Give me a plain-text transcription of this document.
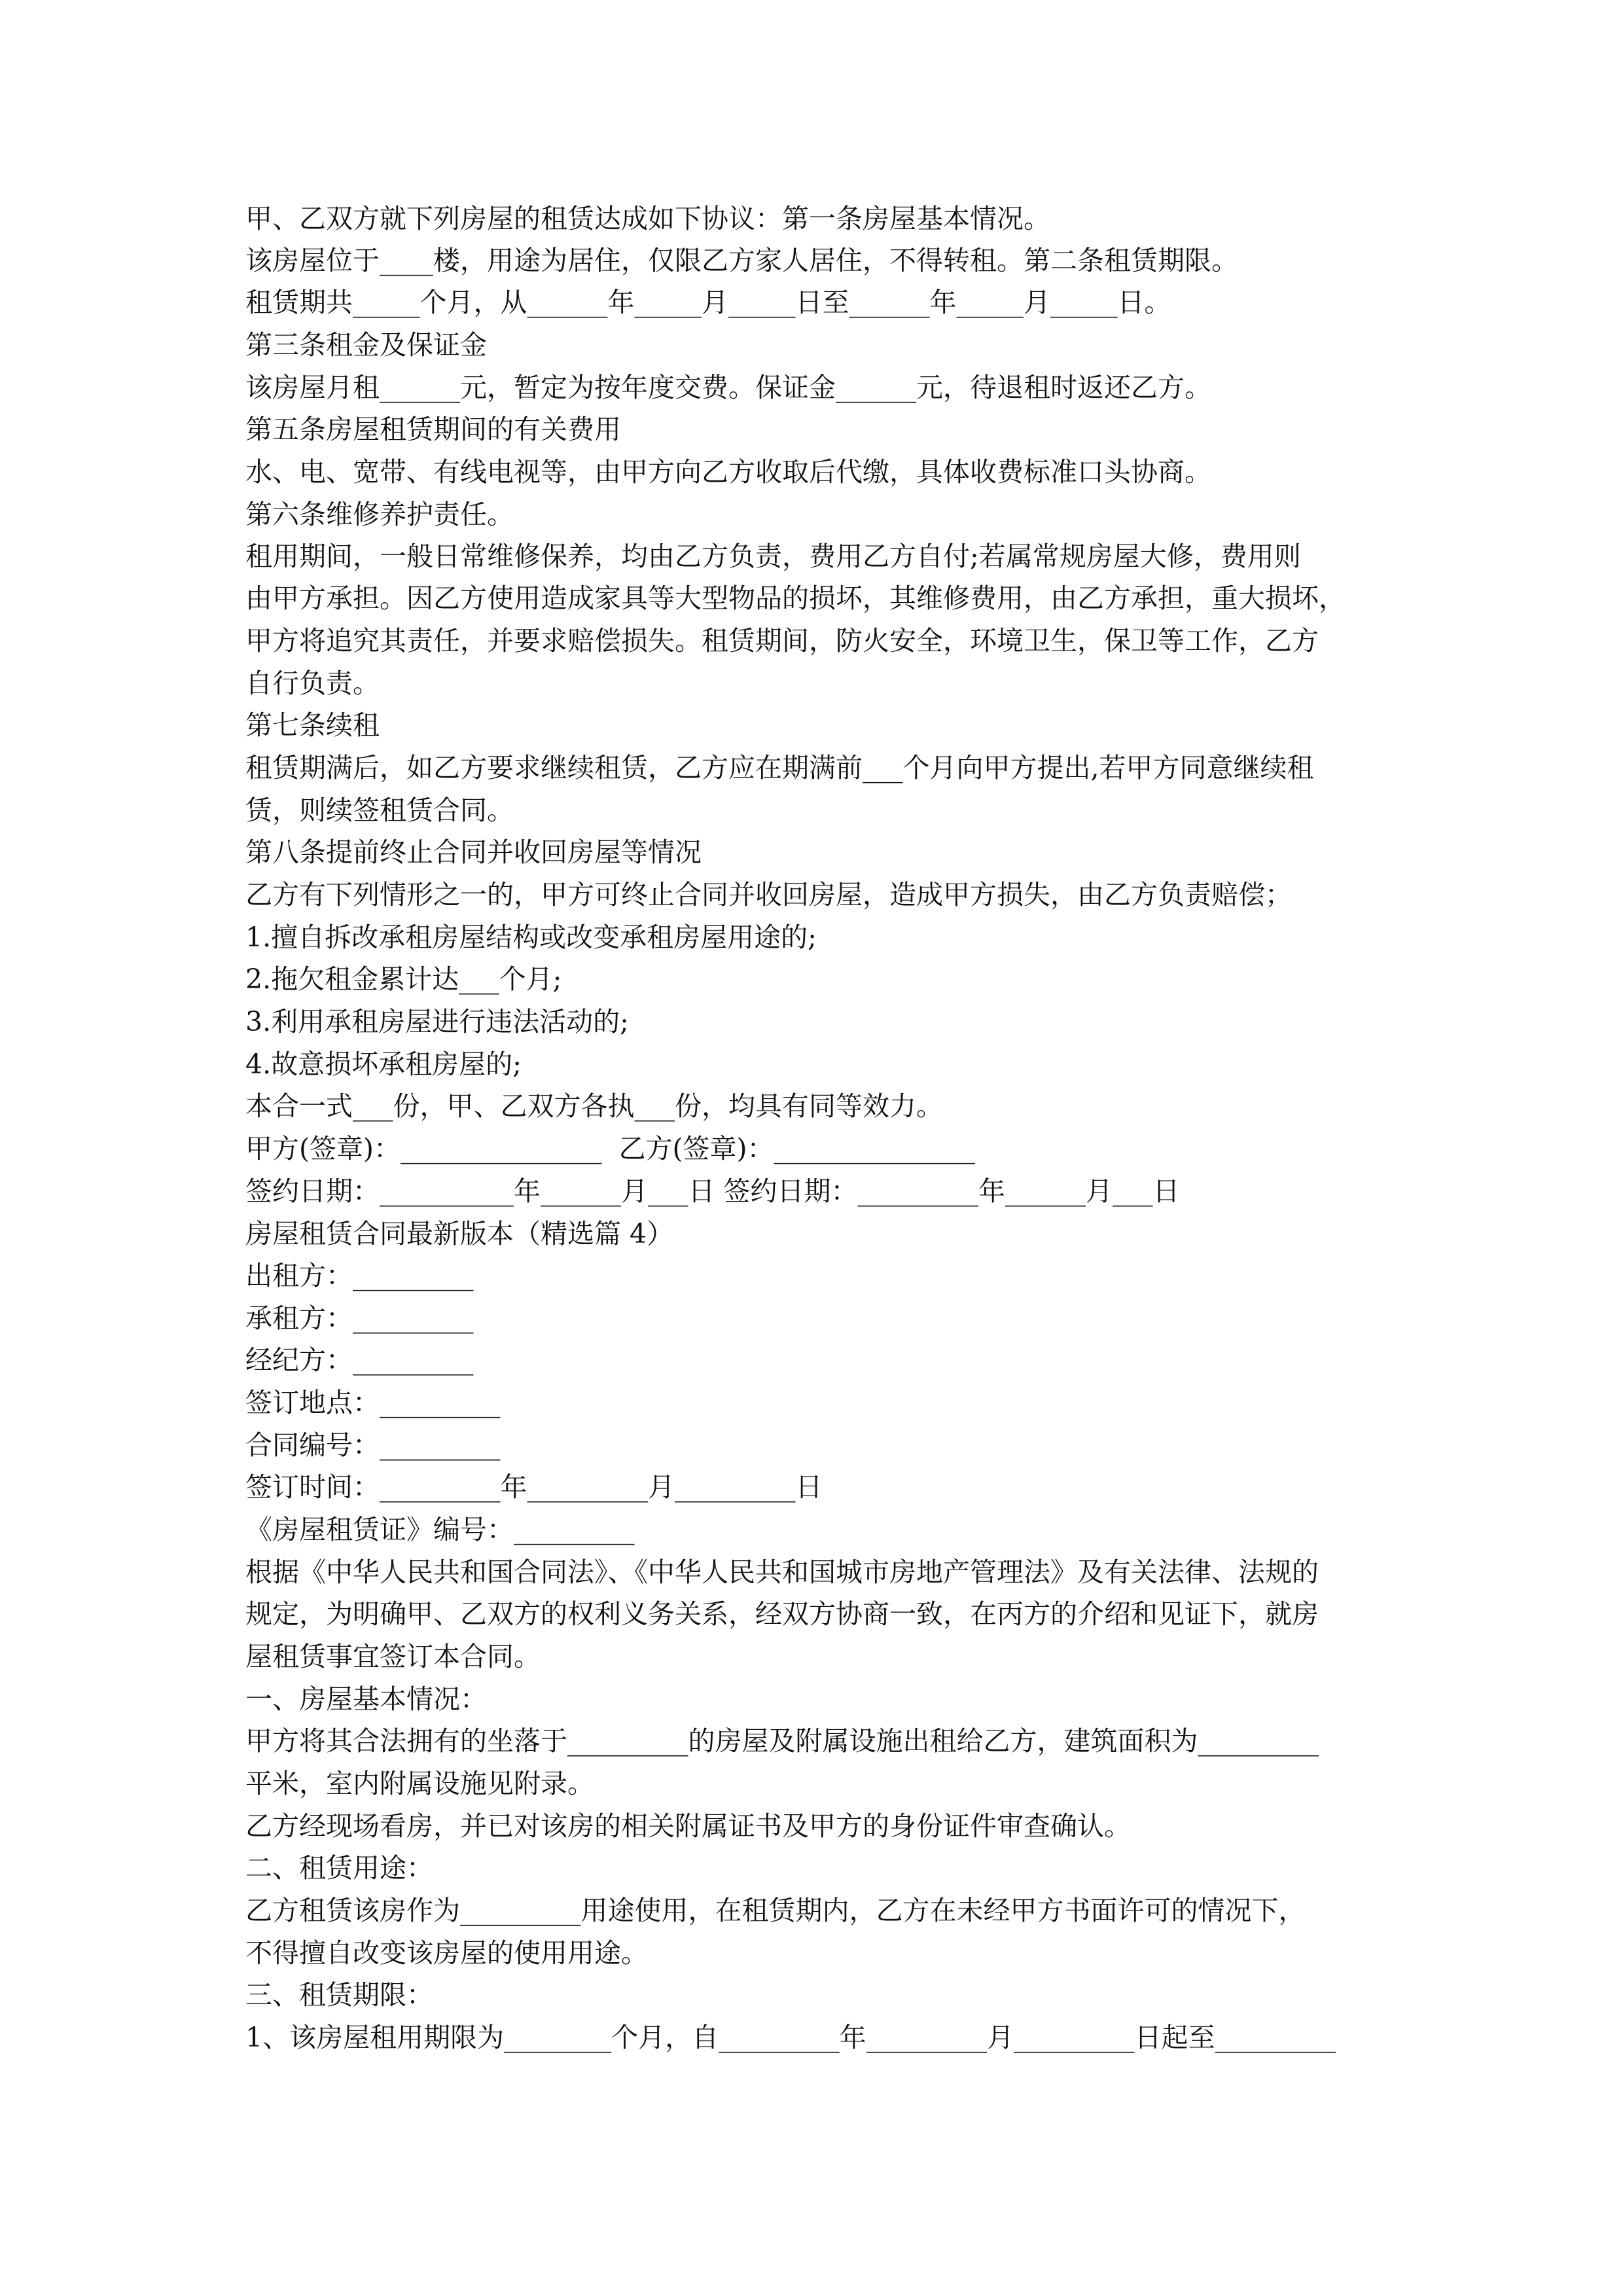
甲、乙双方就下列房屋的租赁达成如下协议：第一条房屋基本情况。
该房屋位于____楼，用途为居住，仅限乙方家人居住，不得转租。第二条租赁期限。
租赁期共_____个月，从______年_____月_____日至______年_____月_____日。
第三条租金及保证金
该房屋月租______元，暂定为按年度交费。保证金______元，待退租时返还乙方。
第五条房屋租赁期间的有关费用
水、电、宽带、有线电视等，由甲方向乙方收取后代缴，具体收费标准口头协商。
第六条维修养护责任。
租用期间，一般日常维修保养，均由乙方负责，费用乙方自付;若属常规房屋大修，费用则
由甲方承担。因乙方使用造成家具等大型物品的损坏，其维修费用，由乙方承担，重大损坏，
甲方将追究其责任，并要求赔偿损失。租赁期间，防火安全，环境卫生，保卫等工作，乙方
自行负责。
第七条续租
租赁期满后，如乙方要求继续租赁，乙方应在期满前___个月向甲方提出,若甲方同意继续租
赁，则续签租赁合同。
第八条提前终止合同并收回房屋等情况
乙方有下列情形之一的，甲方可终止合同并收回房屋，造成甲方损失，由乙方负责赔偿；
1.擅自拆改承租房屋结构或改变承租房屋用途的;
2.拖欠租金累计达___个月;
3.利用承租房屋进行违法活动的;
4.故意损坏承租房屋的;
本合一式___份，甲、乙双方各执___份，均具有同等效力。
甲方(签章)：_______________  乙方(签章)：_______________
签约日期：__________年______月___日 签约日期：_________年______月___日
房屋租赁合同最新版本（精选篇 4）
出租方：_________
承租方：_________
经纪方：_________
签订地点：_________
合同编号：_________
签订时间：_________年_________月_________日
《房屋租赁证》编号：_________
根据《中华人民共和国合同法》、《中华人民共和国城市房地产管理法》及有关法律、法规的
规定，为明确甲、乙双方的权利义务关系，经双方协商一致，在丙方的介绍和见证下，就房
屋租赁事宜签订本合同。
一、房屋基本情况：
甲方将其合法拥有的坐落于_________的房屋及附属设施出租给乙方，建筑面积为_________
平米，室内附属设施见附录。
乙方经现场看房，并已对该房的相关附属证书及甲方的身份证件审查确认。
二、租赁用途：
乙方租赁该房作为_________用途使用，在租赁期内，乙方在未经甲方书面许可的情况下，
不得擅自改变该房屋的使用用途。
三、租赁期限：
1、该房屋租用期限为________个月，自_________年_________月_________日起至_________
